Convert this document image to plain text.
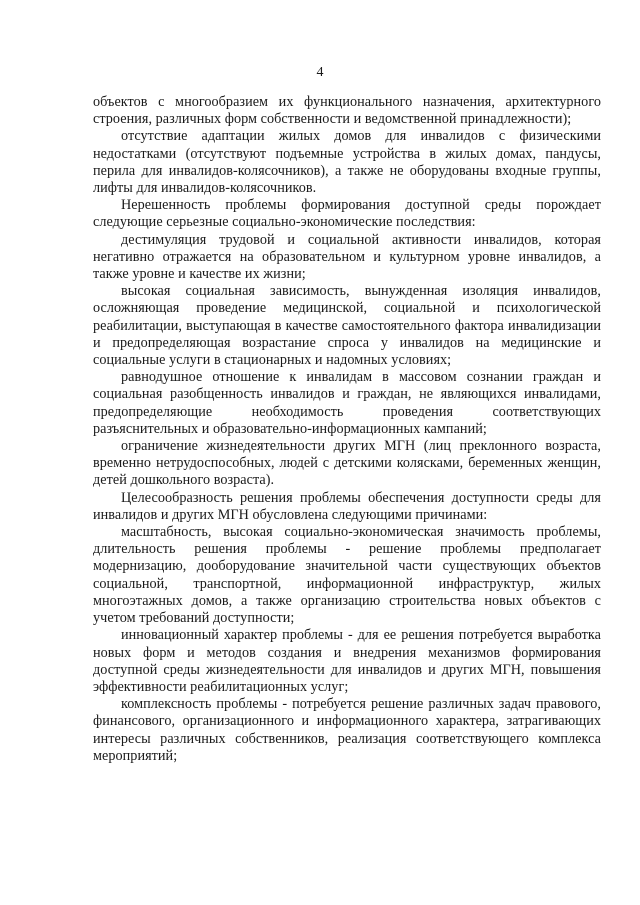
4

объектов с многообразием их функционального назначения, архитектурного строения, различных форм собственности и ведомственной принадлежности);

отсутствие адаптации жилых домов для инвалидов с физическими недостатками (отсутствуют подъемные устройства в жилых домах, пандусы, перила для инвалидов-колясочников), а также не оборудованы входные группы, лифты для инвалидов-колясочников.

Нерешенность проблемы формирования доступной среды порождает следующие серьезные социально-экономические последствия:

дестимуляция трудовой и социальной активности инвалидов, которая негативно отражается на образовательном и культурном уровне инвалидов, а также уровне и качестве их жизни;

высокая социальная зависимость, вынужденная изоляция инвалидов, осложняющая проведение медицинской, социальной и психологической реабилитации, выступающая в качестве самостоятельного фактора инвалидизации и предопределяющая возрастание спроса у инвалидов на медицинские и социальные услуги в стационарных и надомных условиях;

равнодушное отношение к инвалидам в массовом сознании граждан и социальная разобщенность инвалидов и граждан, не являющихся инвалидами, предопределяющие необходимость проведения соответствующих разъяснительных и образовательно-информационных кампаний;

ограничение жизнедеятельности других МГН (лиц преклонного возраста, временно нетрудоспособных, людей с детскими колясками, беременных женщин, детей дошкольного возраста).

Целесообразность решения проблемы обеспечения доступности среды для инвалидов и других МГН обусловлена следующими причинами:

масштабность, высокая социально-экономическая значимость проблемы, длительность решения проблемы - решение проблемы предполагает модернизацию, дооборудование значительной части существующих объектов социальной, транспортной, информационной инфраструктур, жилых многоэтажных домов, а также организацию строительства новых объектов с учетом требований доступности;

инновационный характер проблемы - для ее решения потребуется выработка новых форм и методов создания и внедрения механизмов формирования доступной среды жизнедеятельности для инвалидов и других МГН, повышения эффективности реабилитационных услуг;

комплексность проблемы - потребуется решение различных задач правового, финансового, организационного и информационного характера, затрагивающих интересы различных собственников, реализация соответствующего комплекса мероприятий;
